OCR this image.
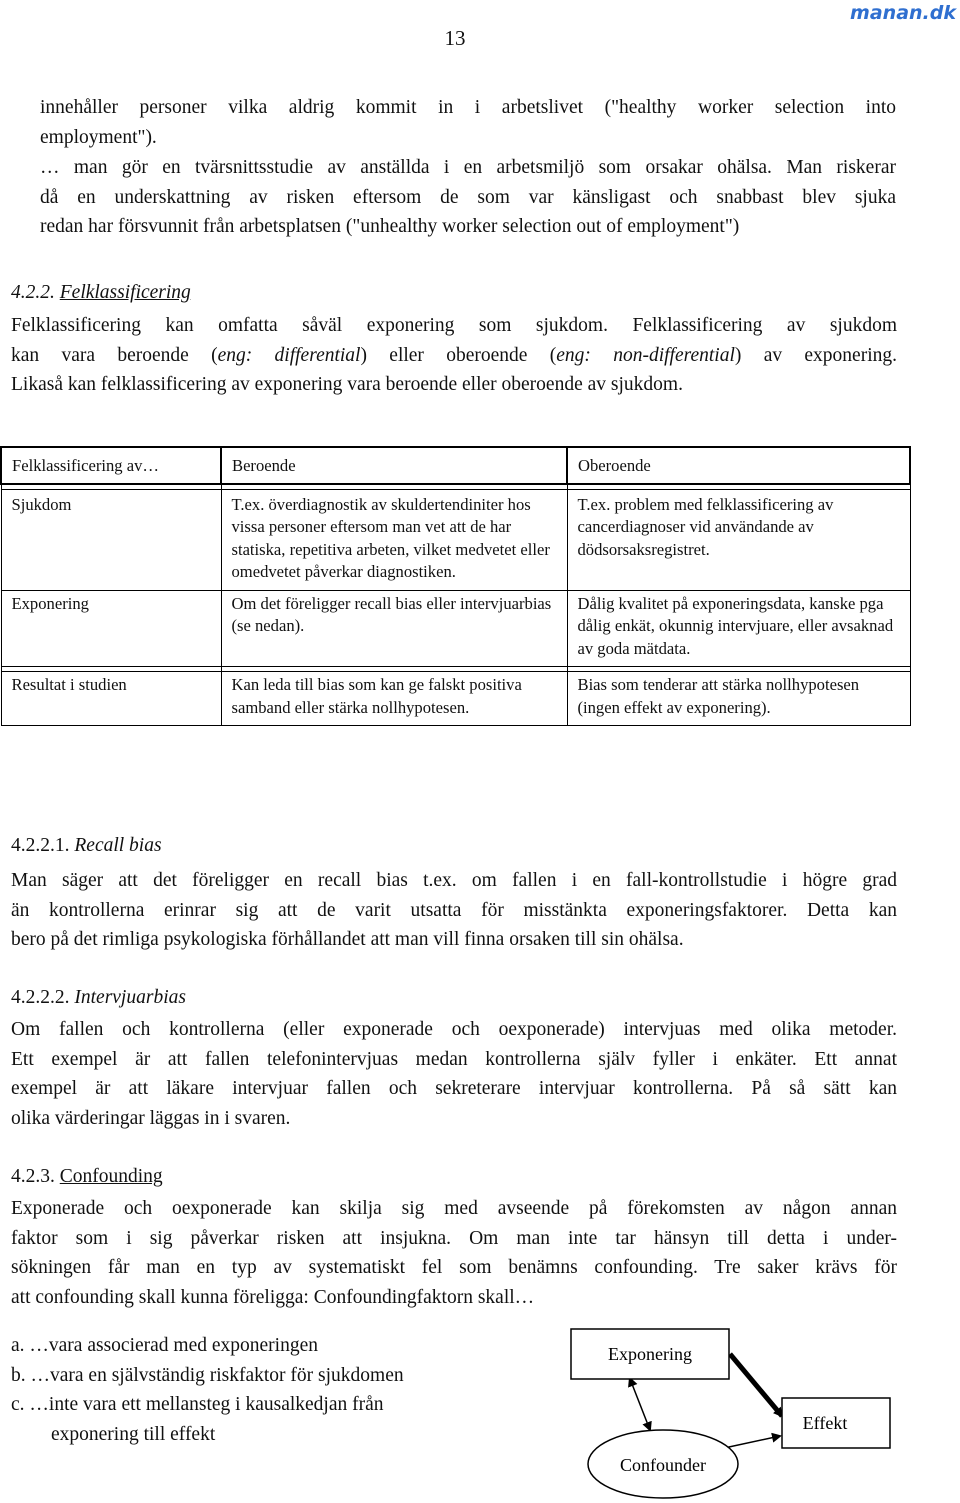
manan.dk
13
innehåller personer vilka aldrig kommit in i arbetslivet ("healthy worker selection into
employment").
… man gör en tvärsnittsstudie av anställda i en arbetsmiljö som orsakar ohälsa. Man riskerar
då en underskattning av risken eftersom de som var känsligast och snabbast blev sjuka
redan har försvunnit från arbetsplatsen ("unhealthy worker selection out of employment")
4.2.2. Felklassificering
Felklassificering kan omfatta såväl exponering som sjukdom. Felklassificering av sjukdom
kan vara beroende (eng: differential) eller oberoende (eng: non-differential) av exponering.
Likaså kan felklassificering av exponering vara beroende eller oberoende av sjukdom.
Felklassificering av…	Beroende	Oberoende

Sjukdom	T.ex. överdiagnostik av skuldertendiniter hos vissa personer eftersom man vet att de har statiska, repetitiva arbeten, vilket medvetet eller omedvetet påverkar diagnostiken.	T.ex. problem med felklassificering av cancerdiagnoser vid användande av dödsorsaksregistret.
Exponering	Om det föreligger recall bias eller intervjuarbias (se nedan).	Dålig kvalitet på exponeringsdata, kanske pga dålig enkät, okunnig intervjuare, eller avsaknad av goda mätdata.

Resultat i studien	Kan leda till bias som kan ge falskt positiva samband eller stärka nollhypotesen.	Bias som tenderar att stärka nollhypotesen (ingen effekt av exponering).
4.2.2.1. Recall bias
Man säger att det föreligger en recall bias t.ex. om fallen i en fall-kontrollstudie i högre grad
än kontrollerna erinrar sig att de varit utsatta för misstänkta exponeringsfaktorer. Detta kan
bero på det rimliga psykologiska förhållandet att man vill finna orsaken till sin ohälsa.
4.2.2.2. Intervjuarbias
Om fallen och kontrollerna (eller exponerade och oexponerade) intervjuas med olika metoder.
Ett exempel är att fallen telefonintervjuas medan kontrollerna själv fyller i enkäter. Ett annat
exempel är att läkare intervjuar fallen och sekreterare intervjuar kontrollerna. På så sätt kan
olika värderingar läggas in i svaren.
4.2.3. Confounding
Exponerade och oexponerade kan skilja sig med avseende på förekomsten av någon annan
faktor som i sig påverkar risken att insjukna. Om man inte tar hänsyn till detta i under-
sökningen får man en typ av systematiskt fel som benämns confounding. Tre saker krävs för
att confounding skall kunna föreligga: Confoundingfaktorn skall…
a. …vara associerad med exponeringen
b. …vara en självständig riskfaktor för sjukdomen
c. …inte vara ett mellansteg i kausalkedjan från
exponering till effekt
Exponering
Effekt
Confounder
